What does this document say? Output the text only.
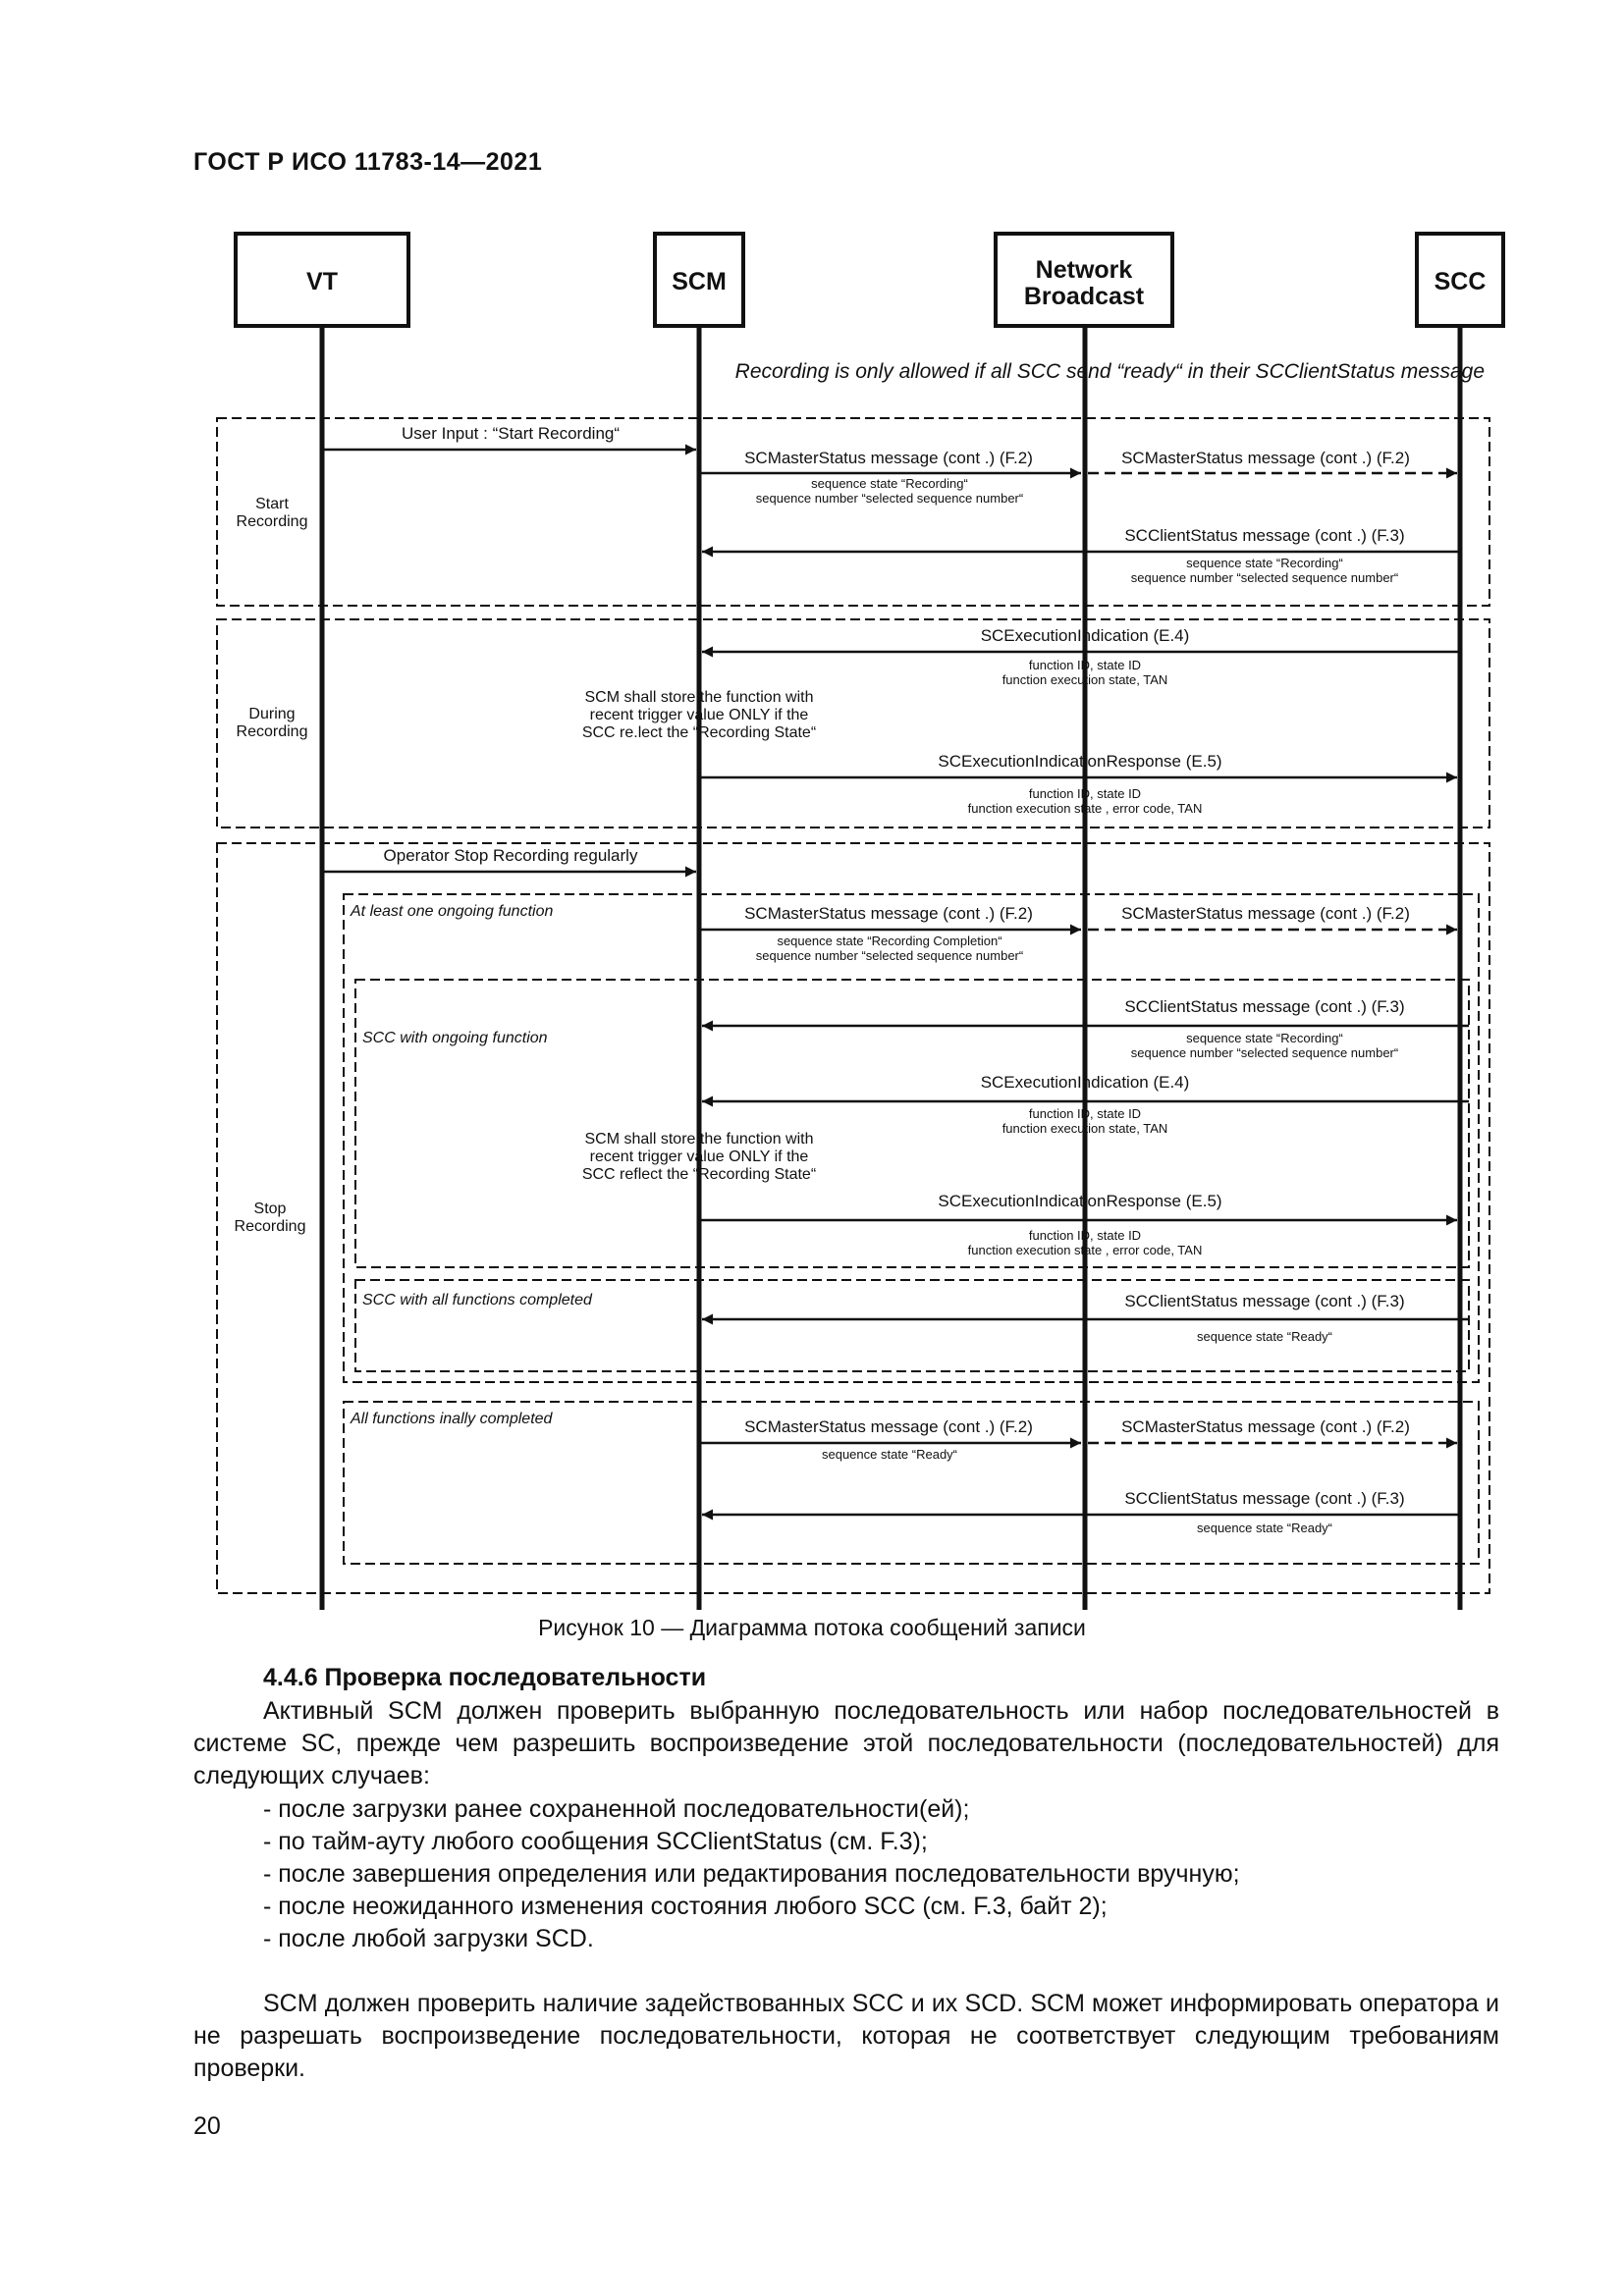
ГОСТ Р ИСО 11783-14—2021
VT	SCM	Network Broadcast
SCC
Recording is only allowed if all SCC send “ready“ in their SCClientStatus message
Start Recording
During Recording
Stop Recording
At least one ongoing function
SCC with ongoing function
SCC with all functions completed
All functions inally completed
User Input : “Start Recording“
SCMasterStatus message (cont .) (F.2)	SCMasterStatus message (cont .) (F.2)
SCClientStatus message (cont .) (F.3)
SCExecutionIndication (E.4)
SCExecutionIndicationResponse (E.5)
Operator Stop Recording regularly
SCMasterStatus message (cont .) (F.2)	SCMasterStatus message (cont .) (F.2)
SCClientStatus message (cont .) (F.3)
SCExecutionIndication (E.4)
SCExecutionIndicationResponse (E.5)
SCClientStatus message (cont .) (F.3)
SCMasterStatus message (cont .) (F.2)	SCMasterStatus message (cont .) (F.2)
SCClientStatus message (cont .) (F.3)
SCM shall store the function with recent trigger value ONLY if the SCC re.lect the “Recording State“
SCM shall store the function with recent trigger value ONLY if the SCC reflect the “Recording State“
sequence state “Recording“ sequence number “selected sequence number“
sequence state “Recording“ sequence number “selected sequence number“
function ID, state ID function execution state, TAN
function ID, state ID function execution state , error code, TAN
sequence state “Recording Completion“ sequence number “selected sequence number“
sequence state “Recording“ sequence number “selected sequence number“
function ID, state ID function execution state, TAN
function ID, state ID function execution state , error code, TAN
sequence state “Ready“
sequence state “Ready“
sequence state “Ready“
Рисунок 10 — Диаграмма потока сообщений записи
4.4.6 Проверка последовательности
Активный SCM должен проверить выбранную последовательность или набор последовательностей в системе SC, прежде чем разрешить воспроизведение этой последовательности (последовательностей) для следующих случаев:
- после загрузки ранее сохраненной последовательности(ей);
- по тайм-ауту любого сообщения SCClientStatus (см. F.3);
- после завершения определения или редактирования последовательности вручную;
- после неожиданного изменения состояния любого SCC (см. F.3, байт 2);
- после любой загрузки SCD.
SCM должен проверить наличие задействованных SCC и их SCD. SCM может информировать оператора и не разрешать воспроизведение последовательности, которая не соответствует следующим требованиям проверки.
20
